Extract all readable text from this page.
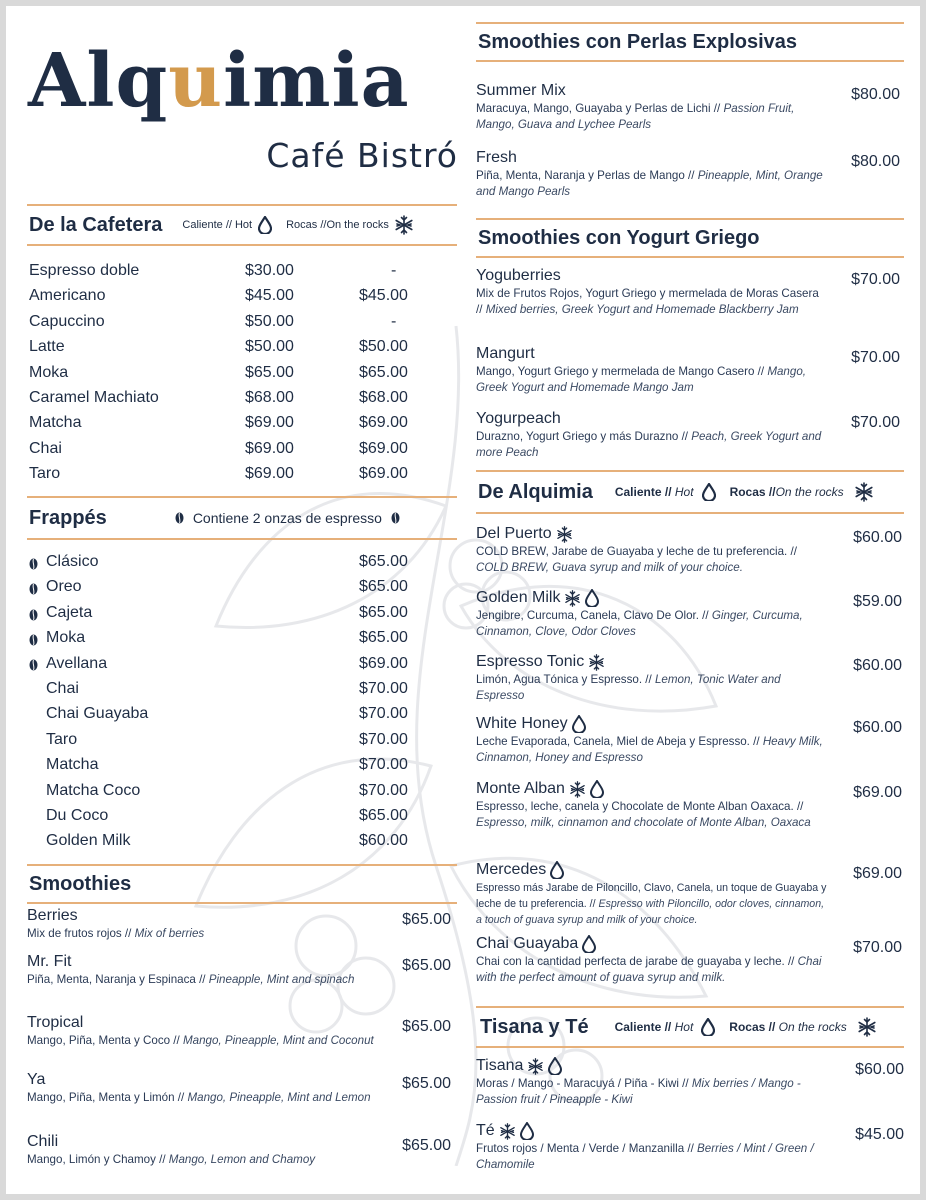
Alquimia
Café Bistró
De la Cafetera Caliente // Hot	Rocas //On the rocks
Espresso doble	$30.00	-
Americano	$45.00	$45.00
Capuccino	$50.00	-
Latte	$50.00	$50.00
Moka	$65.00	$65.00
Caramel Machiato	$68.00	$68.00
Matcha	$69.00	$69.00
Chai	$69.00	$69.00
Taro	$69.00	$69.00
Frappés	Contiene 2 onzas de espresso
Clásico	$65.00
Oreo	$65.00
Cajeta	$65.00
Moka	$65.00
Avellana	$69.00
Chai	$70.00
Chai Guayaba	$70.00
Taro	$70.00
Matcha	$70.00
Matcha Coco	$70.00
Du Coco	$65.00
Golden Milk	$60.00
Smoothies
Berries
Mix de frutos rojos // Mix of berries
$65.00
Mr. Fit
Piña, Menta, Naranja y Espinaca // Pineapple, Mint and spinach
$65.00
Tropical
Mango, Piña, Menta y Coco // Mango, Pineapple, Mint and Coconut
$65.00
Ya
Mango, Piña, Menta y Limón // Mango, Pineapple, Mint and Lemon
$65.00
Chili
Mango, Limón y Chamoy // Mango, Lemon and Chamoy
$65.00
Smoothies con Perlas Explosivas
Summer Mix
Maracuya, Mango, Guayaba y Perlas de Lichi // Passion Fruit, Mango, Guava and Lychee Pearls
$80.00
Fresh
Piña, Menta, Naranja y Perlas de Mango // Pineapple, Mint, Orange and Mango Pearls
$80.00
Smoothies con Yogurt Griego
Yoguberries
Mix de Frutos Rojos, Yogurt Griego y mermelada de Moras Casera // Mixed berries, Greek Yogurt and Homemade Blackberry Jam
$70.00
Mangurt
Mango, Yogurt Griego y mermelada de Mango Casero // Mango, Greek Yogurt and Homemade Mango Jam
$70.00
Yogurpeach
Durazno, Yogurt Griego y más Durazno // Peach, Greek Yogurt and more Peach
$70.00
De Alquimia Caliente //
Hot	Rocas // On the rocks
Del Puerto
COLD BREW, Jarabe de Guayaba y leche de tu preferencia. // COLD BREW, Guava syrup and milk of your choice.
$60.00
Golden Milk
Jengibre, Curcuma, Canela, Clavo De Olor. // Ginger, Curcuma, Cinnamon, Clove, Odor Cloves
$59.00
Espresso Tonic
Limón, Agua Tónica y Espresso. // Lemon, Tonic Water and Espresso
$60.00
White Honey
Leche Evaporada, Canela, Miel de Abeja y Espresso. // Heavy Milk, Cinnamon, Honey and Espresso
$60.00
Monte Alban
Espresso, leche, canela y Chocolate de Monte Alban Oaxaca. // Espresso, milk, cinnamon and chocolate of Monte Alban, Oaxaca
$69.00
Mercedes
Espresso más Jarabe de Piloncillo, Clavo, Canela, un toque de Guayaba y leche de tu preferencia. // Espresso with Piloncillo, odor cloves, cinnamon, a touch of guava syrup and milk of your choice.
$69.00
Chai Guayaba
Chai con la cantidad perfecta de jarabe de guayaba y leche. // Chai with the perfect amount of guava syrup and milk.
$70.00
Tisana y Té Caliente //
Hot	Rocas //
On the rocks
Tisana
Moras / Mango - Maracuyá / Piña - Kiwi // Mix berries / Mango - Passion fruit / Pineapple - Kiwi
$60.00
Té
Frutos rojos / Menta / Verde / Manzanilla // Berries / Mint / Green / Chamomile
$45.00
